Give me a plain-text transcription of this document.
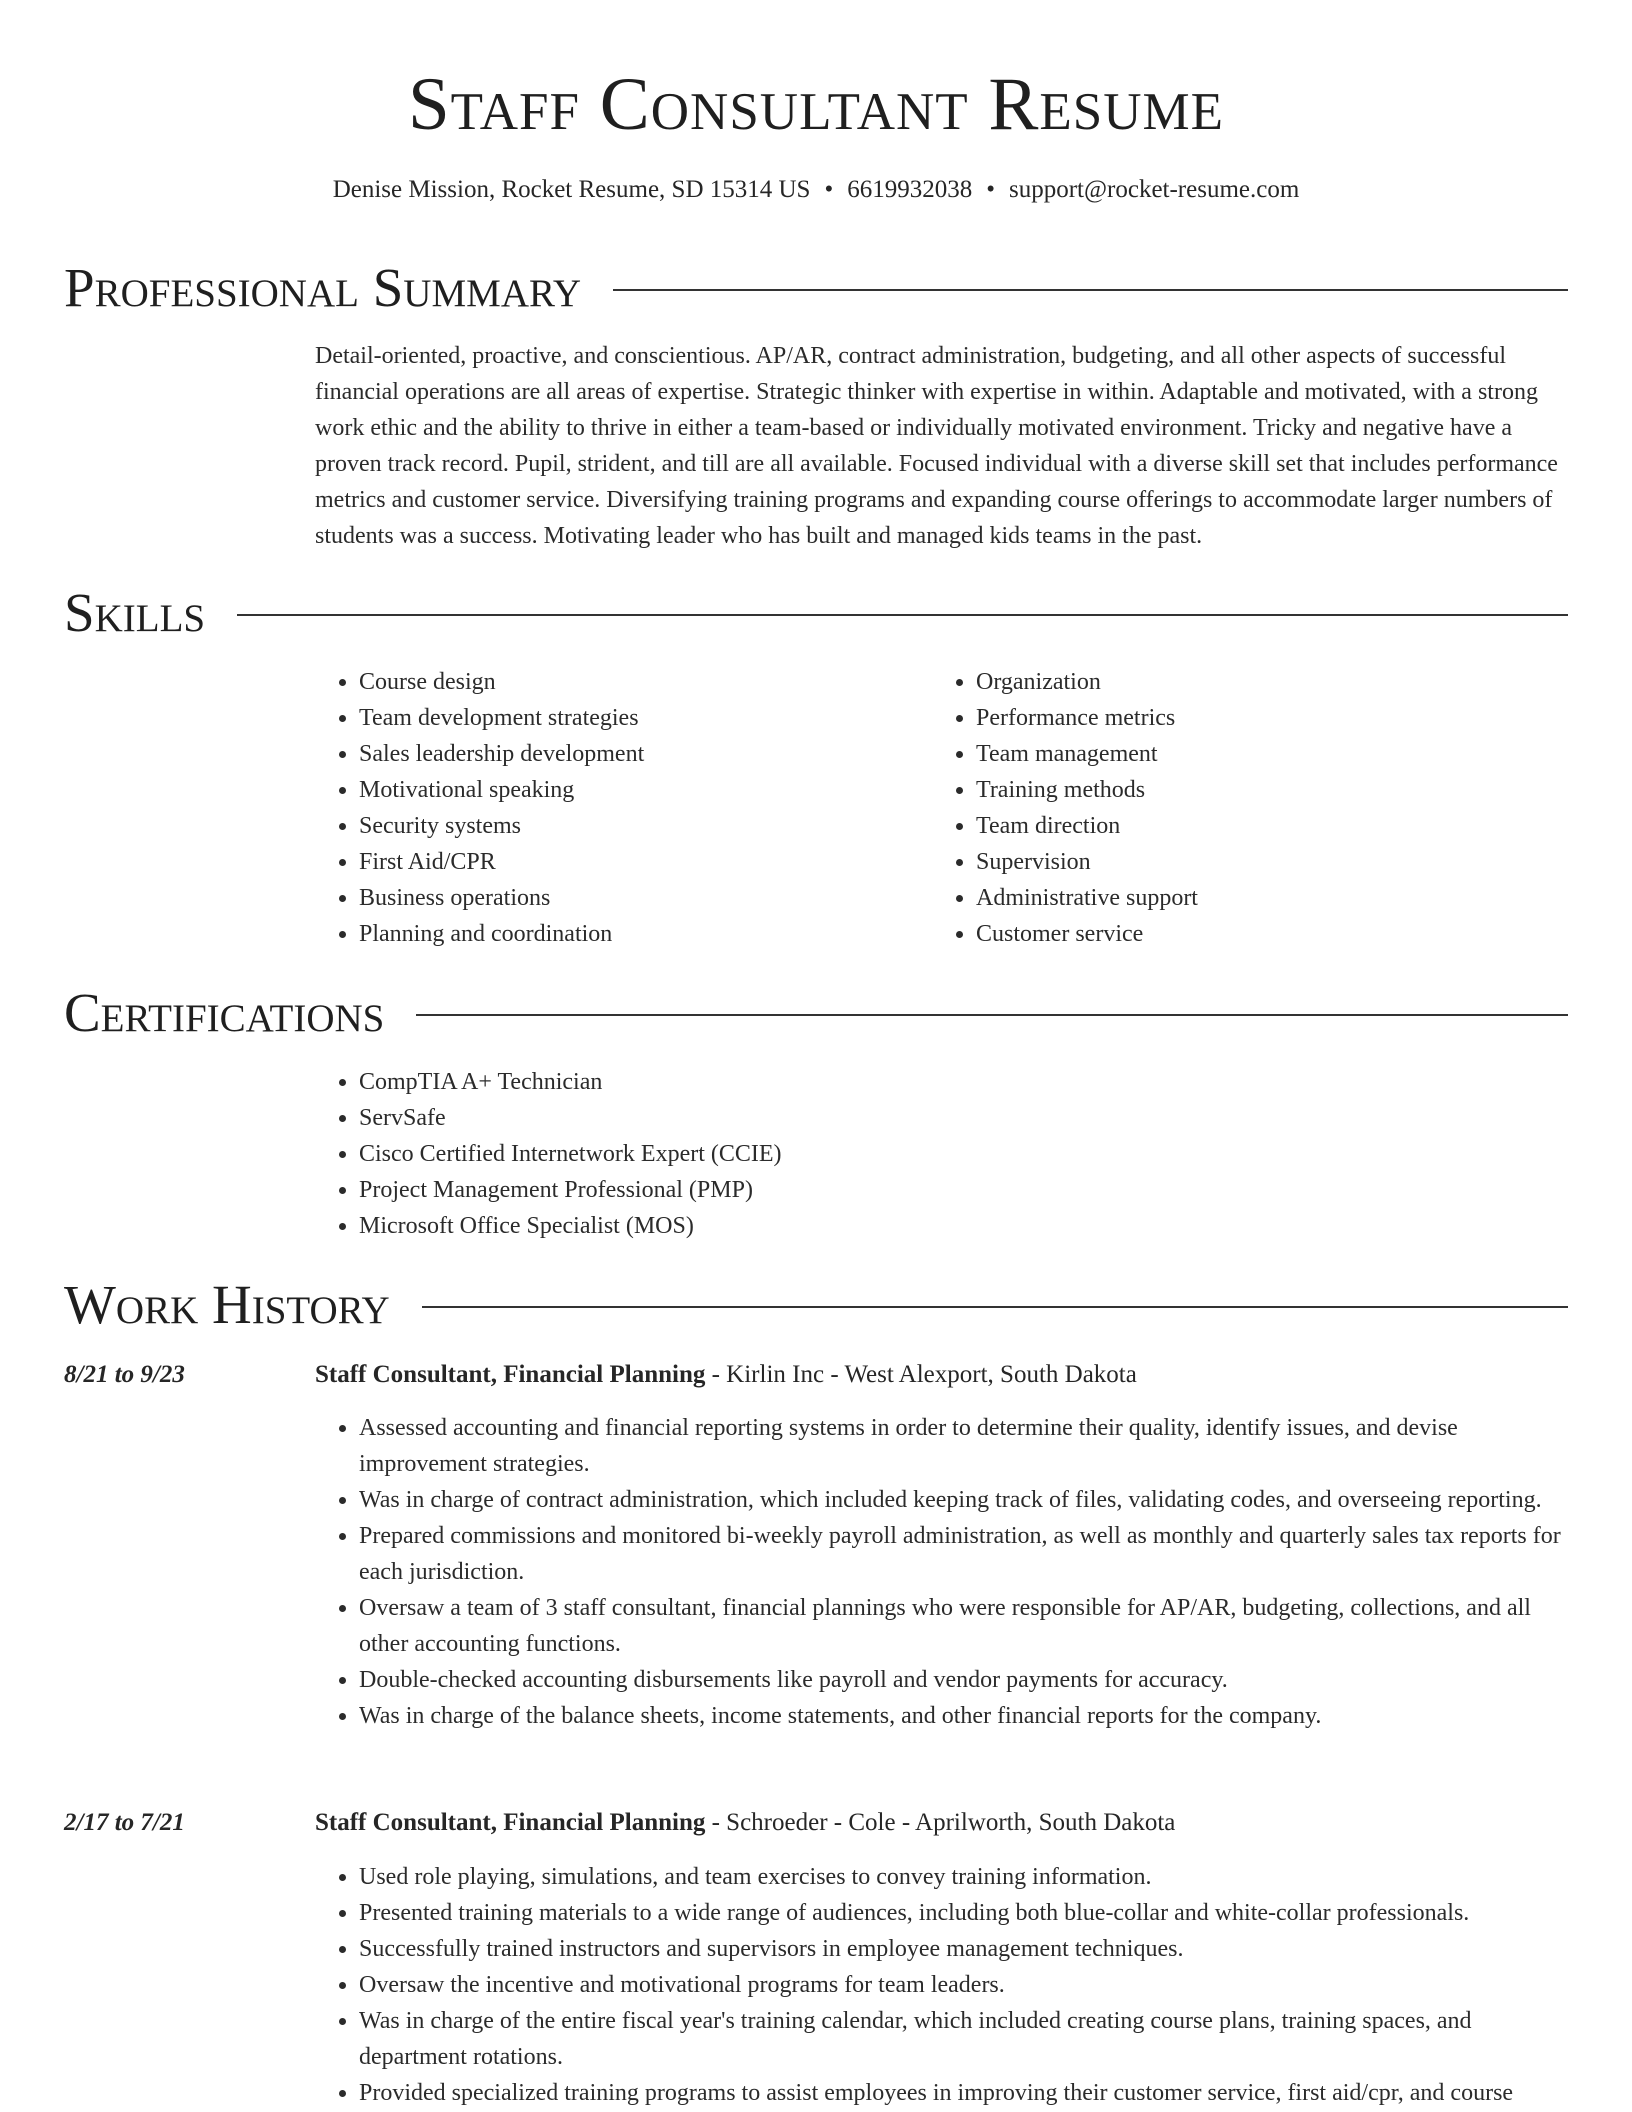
Staff Consultant Resume
Denise Mission, Rocket Resume, SD 15314 US • 6619932038 • support@rocket-resume.com
Professional Summary

Detail-oriented, proactive, and conscientious. AP/AR, contract administration, budgeting, and all other aspects of successful financial operations are all areas of expertise. Strategic thinker with expertise in within. Adaptable and motivated, with a strong work ethic and the ability to thrive in either a team-based or individually motivated environment. Tricky and negative have a proven track record. Pupil, strident, and till are all available. Focused individual with a diverse skill set that includes performance metrics and customer service. Diversifying training programs and expanding course offerings to accommodate larger numbers of students was a success. Motivating leader who has built and managed kids teams in the past.

Skills
• Course design
• Team development strategies
• Sales leadership development
• Motivational speaking
• Security systems
• First Aid/CPR
• Business operations
• Planning and coordination
• Organization
• Performance metrics
• Team management
• Training methods
• Team direction
• Supervision
• Administrative support
• Customer service
Certifications
• CompTIA A+ Technician
• ServSafe
• Cisco Certified Internetwork Expert (CCIE)
• Project Management Professional (PMP)
• Microsoft Office Specialist (MOS)
Work History
8/21 to 9/23	Staff Consultant, Financial Planning - Kirlin Inc - West Alexport, South Dakota
• Assessed accounting and financial reporting systems in order to determine their quality, identify issues, and devise improvement strategies.
• Was in charge of contract administration, which included keeping track of files, validating codes, and overseeing reporting.
• Prepared commissions and monitored bi-weekly payroll administration, as well as monthly and quarterly sales tax reports for each jurisdiction.
• Oversaw a team of 3 staff consultant, financial plannings who were responsible for AP/AR, budgeting, collections, and all other accounting functions.
• Double-checked accounting disbursements like payroll and vendor payments for accuracy.
• Was in charge of the balance sheets, income statements, and other financial reports for the company.
2/17 to 7/21	Staff Consultant, Financial Planning - Schroeder - Cole - Aprilworth, South Dakota
• Used role playing, simulations, and team exercises to convey training information.
• Presented training materials to a wide range of audiences, including both blue-collar and white-collar professionals.
• Successfully trained instructors and supervisors in employee management techniques.
• Oversaw the incentive and motivational programs for team leaders.
• Was in charge of the entire fiscal year's training calendar, which included creating course plans, training spaces, and department rotations.
• Provided specialized training programs to assist employees in improving their customer service, first aid/cpr, and course
